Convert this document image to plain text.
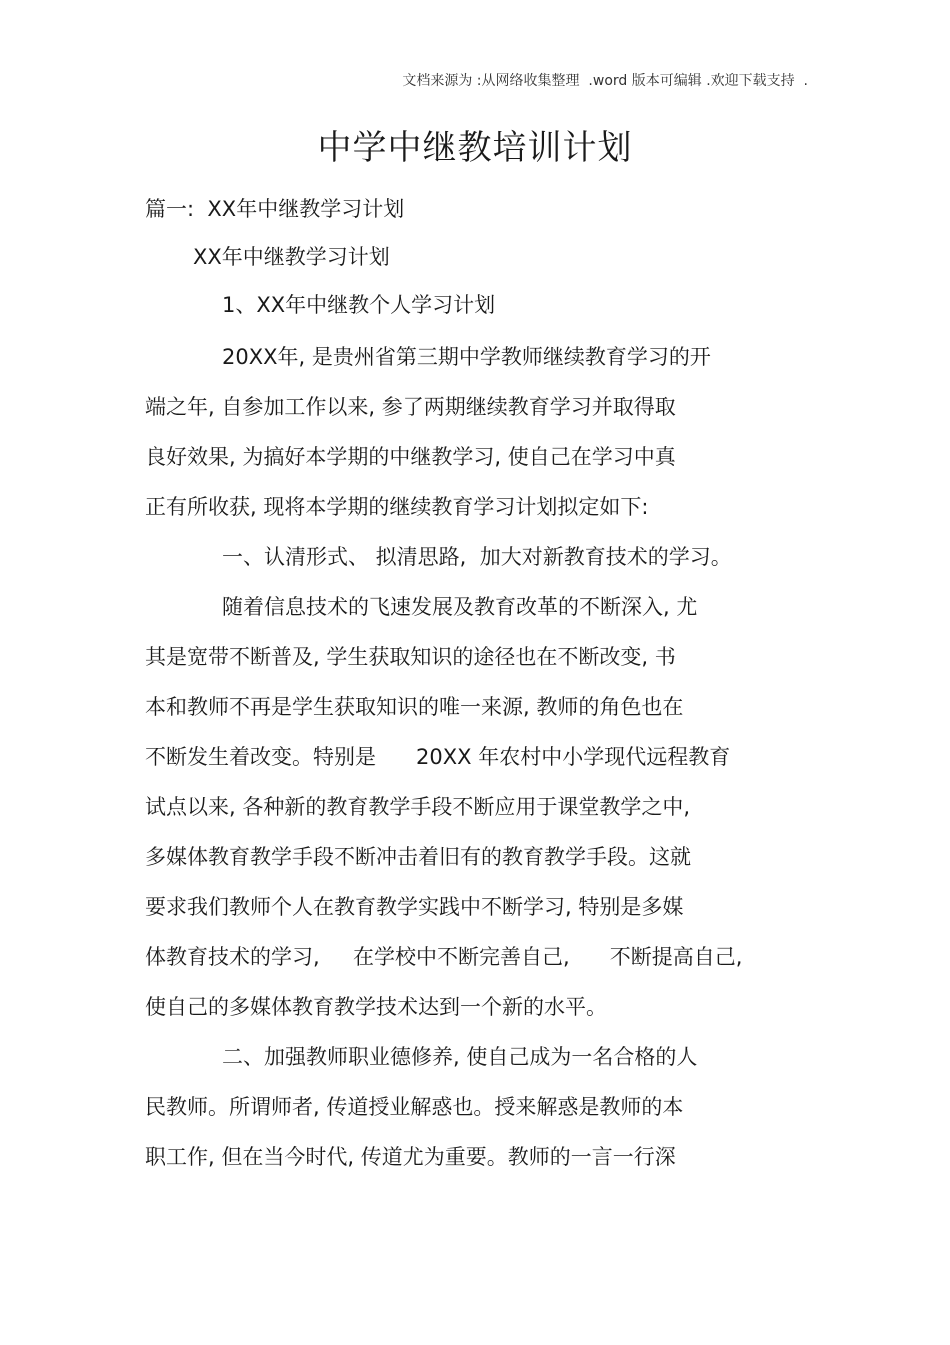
文档来源为 :从网络收集整理  .word 版本可编辑 .欢迎下载支持  .
中学中继教培训计划
篇一:  XX年中继教学习计划
XX年中继教学习计划
1、XX年中继教个人学习计划
20XX年, 是贵州省第三期中学教师继续教育学习的开
端之年, 自参加工作以来, 参了两期继续教育学习并取得取
良好效果, 为搞好本学期的中继教学习, 使自己在学习中真
正有所收获, 现将本学期的继续教育学习计划拟定如下:
一、认清形式、 拟清思路,  加大对新教育技术的学习。
随着信息技术的飞速发展及教育改革的不断深入, 尤
其是宽带不断普及, 学生获取知识的途径也在不断改变, 书
本和教师不再是学生获取知识的唯一来源, 教师的角色也在
不断发生着改变。特别是      20XX 年农村中小学现代远程教育
试点以来, 各种新的教育教学手段不断应用于课堂教学之中,
多媒体教育教学手段不断冲击着旧有的教育教学手段。这就
要求我们教师个人在教育教学实践中不断学习, 特别是多媒
体教育技术的学习,     在学校中不断完善自己,      不断提高自己,
使自己的多媒体教育教学技术达到一个新的水平。
二、加强教师职业德修养, 使自己成为一名合格的人
民教师。所谓师者, 传道授业解惑也。授来解惑是教师的本
职工作, 但在当今时代, 传道尤为重要。教师的一言一行深
